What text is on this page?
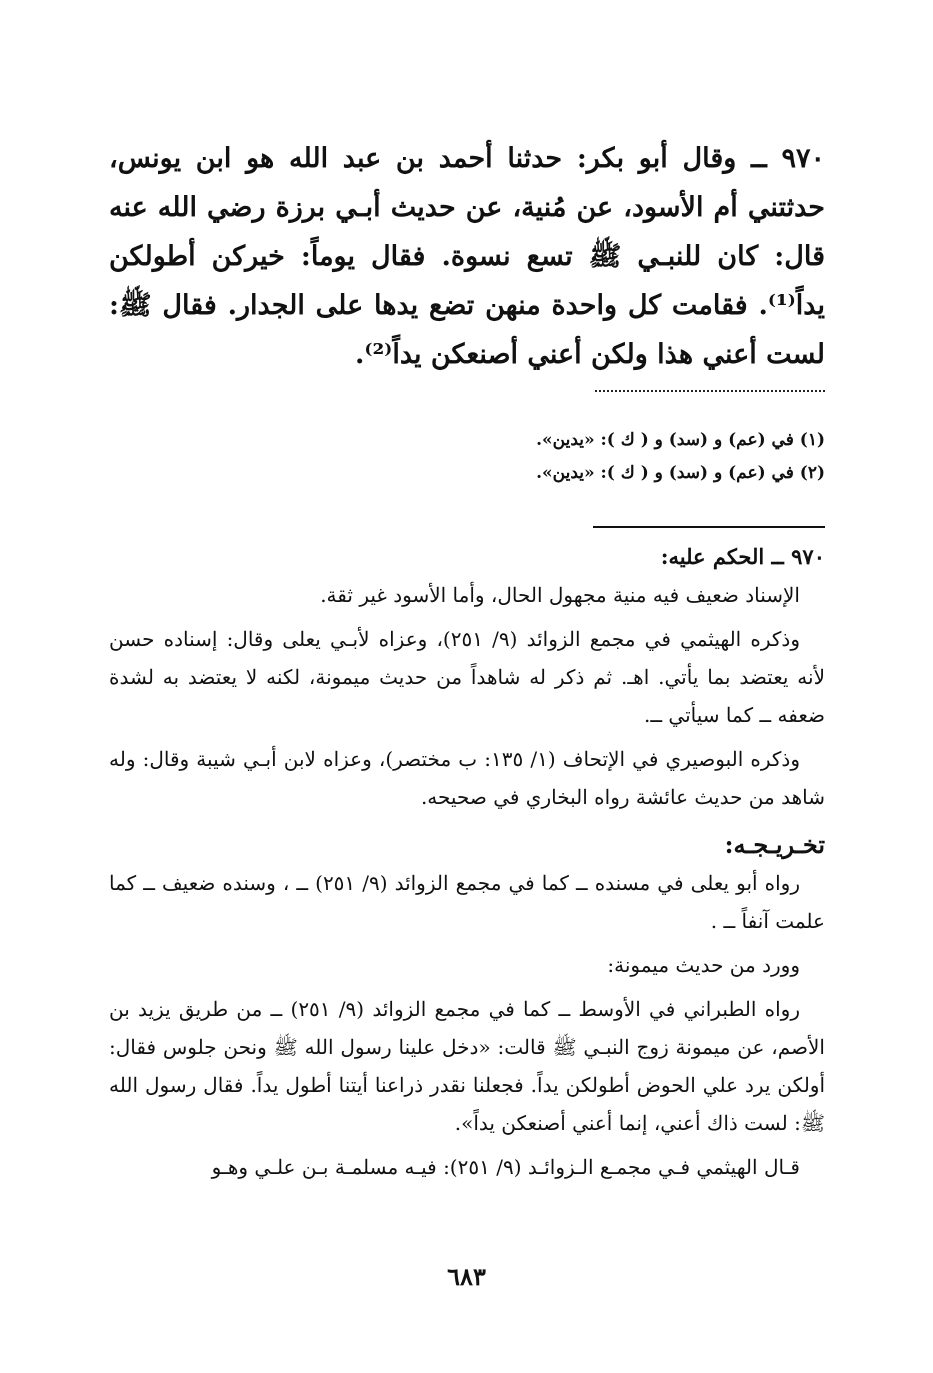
٩٧٠ ــ وقال أبو بكر: حدثنا أحمد بن عبد الله هو ابن يونس، حدثتني أم الأسود، عن مُنية، عن حديث أبـي برزة رضي الله عنه قال: كان للنبـي ﷺ تسع نسوة. فقال يوماً: خيركن أطولكن يداً⁽¹⁾. فقامت كل واحدة منهن تضع يدها على الجدار. فقال ﷺ: لست أعني هذا ولكن أعني أصنعكن يداً⁽²⁾.
(١) في (عم) و (سد) و ( ك ): «يدين».
(٢) في (عم) و (سد) و ( ك ): «يدين».

٩٧٠ ــ الحكم عليه:

الإسناد ضعيف فيه منية مجهول الحال، وأما الأسود غير ثقة.

وذكره الهيثمي في مجمع الزوائد (٩/ ٢٥١)، وعزاه لأبـي يعلى وقال: إسناده حسن لأنه يعتضد بما يأتي. اهـ. ثم ذكر له شاهداً من حديث ميمونة، لكنه لا يعتضد به لشدة ضعفه ــ كما سيأتي ــ.

وذكره البوصيري في الإتحاف (١/ ١٣٥: ب مختصر)، وعزاه لابن أبـي شيبة وقال: وله شاهد من حديث عائشة رواه البخاري في صحيحه.

تخـريـجـه:

رواه أبو يعلى في مسنده ــ كما في مجمع الزوائد (٩/ ٢٥١) ــ ، وسنده ضعيف ــ كما علمت آنفاً ــ .

وورد من حديث ميمونة:

رواه الطبراني في الأوسط ــ كما في مجمع الزوائد (٩/ ٢٥١) ــ من طريق يزيد بن الأصم، عن ميمونة زوج النبـي ﷺ قالت: «دخل علينا رسول الله ﷺ ونحن جلوس فقال: أولكن يرد علي الحوض أطولكن يداً. فجعلنا نقدر ذراعنا أيتنا أطول يداً. فقال رسول الله ﷺ: لست ذاك أعني، إنما أعني أصنعكن يداً».

قـال الهيثمي فـي مجمـع الـزوائـد (٩/ ٢٥١): فيـه مسلمـة بـن علـي وهـو

٦٨٣
